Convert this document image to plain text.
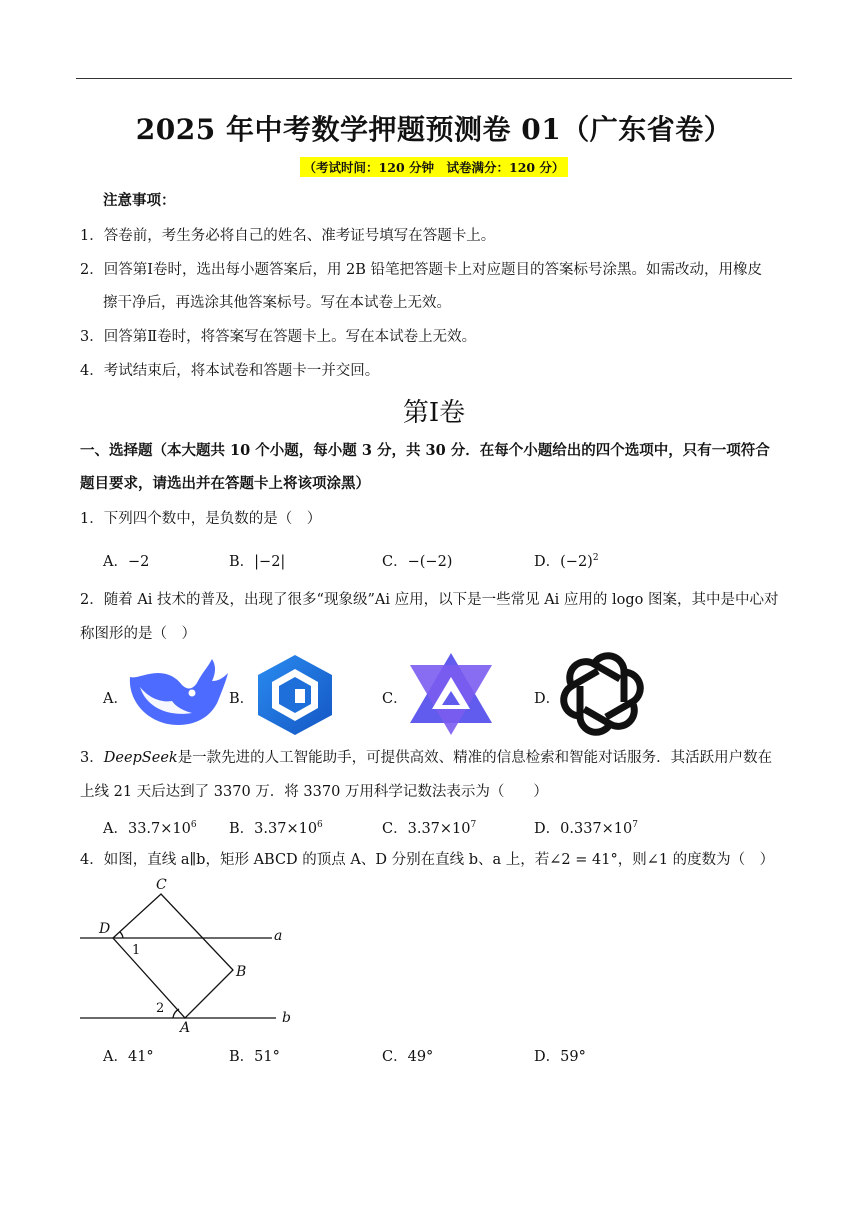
2025 年中考数学押题预测卷 01（广东省卷）
（考试时间：120 分钟　试卷满分：120 分）
注意事项：
1．答卷前，考生务必将自己的姓名、准考证号填写在答题卡上。
2．回答第Ⅰ卷时，选出每小题答案后，用 2B 铅笔把答题卡上对应题目的答案标号涂黑。如需改动，用橡皮
擦干净后，再选涂其他答案标号。写在本试卷上无效。
3．回答第Ⅱ卷时，将答案写在答题卡上。写在本试卷上无效。
4．考试结束后，将本试卷和答题卡一并交回。
第Ⅰ卷
一、选择题（本大题共 10 个小题，每小题 3 分，共 30 分．在每个小题给出的四个选项中，只有一项符合
题目要求，请选出并在答题卡上将该项涂黑）
1．下列四个数中，是负数的是（　）
A．−2	B．|−2|	C．−(−2)	D．$(-2)^2$
2．随着 Ai 技术的普及，出现了很多“现象级”Ai 应用，以下是一些常见 Ai 应用的 logo 图案，其中是中心对
称图形的是（　）
A．	B．	C．	D．
3．DeepSeek是一款先进的人工智能助手，可提供高效、精准的信息检索和智能对话服务．其活跃用户数在
上线 21 天后达到了 3370 万．将 3370 万用科学记数法表示为（　　）
A．$33.7\times 10^6$ B．$3.37\times 10^6$	C．$3.37\times 10^7$	D．$0.337\times 10^7$
4．如图，直线 a∥b，矩形 ABCD 的顶点 A、D 分别在直线 b、a 上，若∠2 = 41°，则∠1 的度数为（　）
C
D
B
A
a
b
1
2
A．41°	B．51°	C．49°	D．59°
